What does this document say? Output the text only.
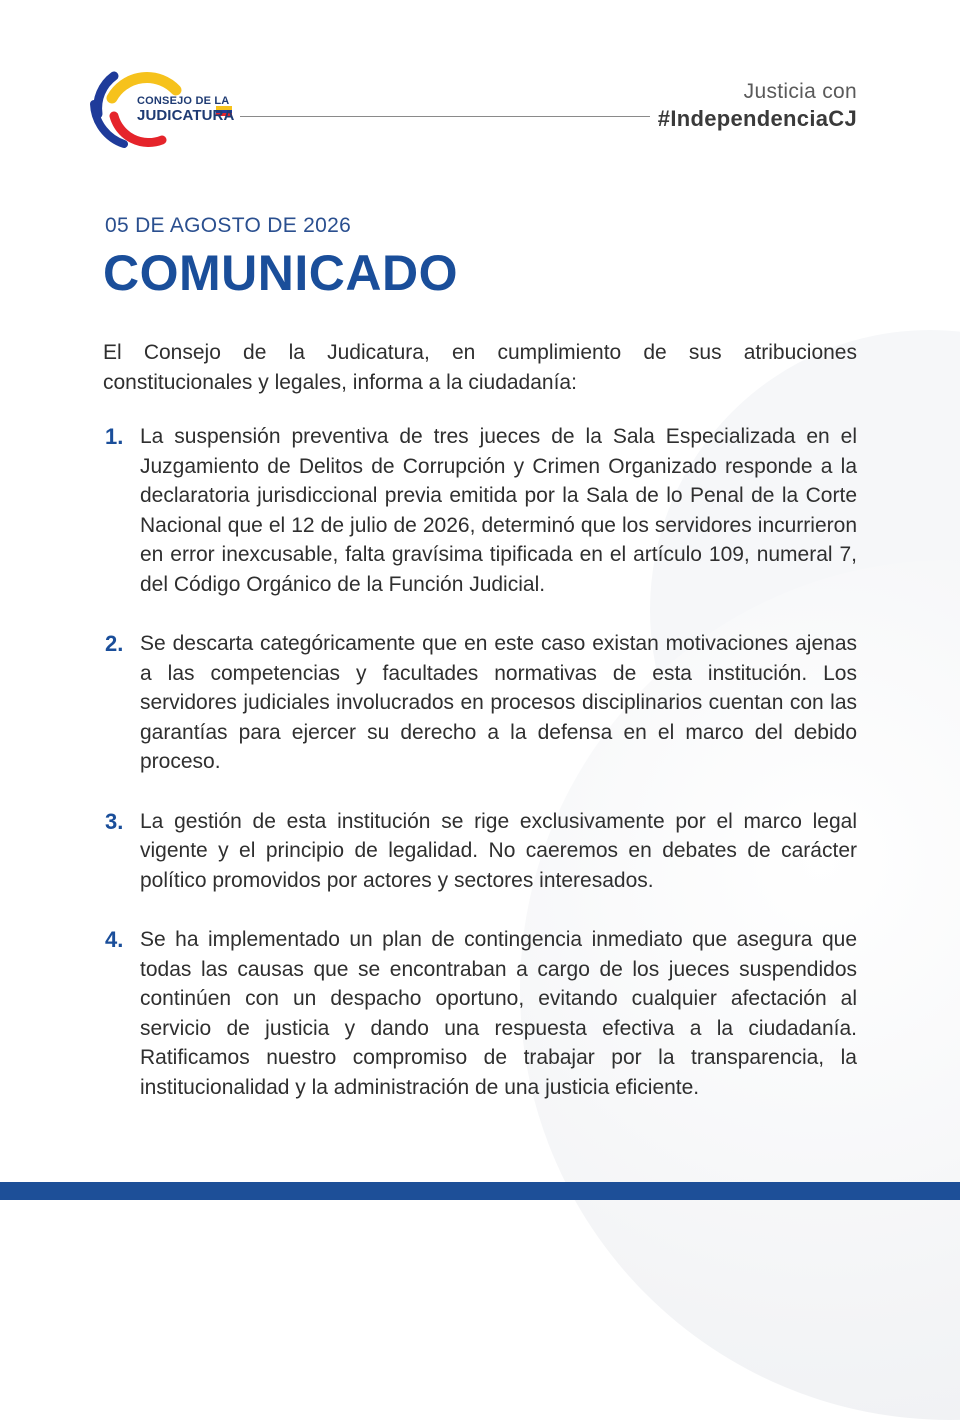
CONSEJO DE LA
JUDICATURA
Justicia con
#IndependenciaCJ
05 DE AGOSTO DE 2026
COMUNICADO
El Consejo de la Judicatura, en cumplimiento de sus atribuciones constitucionales y legales, informa a la ciudadanía:
1. La suspensión preventiva de tres jueces de la Sala Especializada en el Juzgamiento de Delitos de Corrupción y Crimen Organizado responde a la declaratoria jurisdiccional previa emitida por la Sala de lo Penal de la Corte Nacional que el 12 de julio de 2026, determinó que los servidores incurrieron en error inexcusable, falta gravísima tipificada en el artículo 109, numeral 7, del Código Orgánico de la Función Judicial.
2. Se descarta categóricamente que en este caso existan motivaciones ajenas a las competencias y facultades normativas de esta institución. Los servidores judiciales involucrados en procesos disciplinarios cuentan con las garantías para ejercer su derecho a la defensa en el marco del debido proceso.
3. La gestión de esta institución se rige exclusivamente por el marco legal vigente y el principio de legalidad. No caeremos en debates de carácter político promovidos por actores y sectores interesados.
4. Se ha implementado un plan de contingencia inmediato que asegura que todas las causas que se encontraban a cargo de los jueces suspendidos continúen con un despacho oportuno, evitando cualquier afectación al servicio de justicia y dando una respuesta efectiva a la ciudadanía. Ratificamos nuestro compromiso de trabajar por la transparencia, la institucionalidad y la administración de una justicia eficiente.
